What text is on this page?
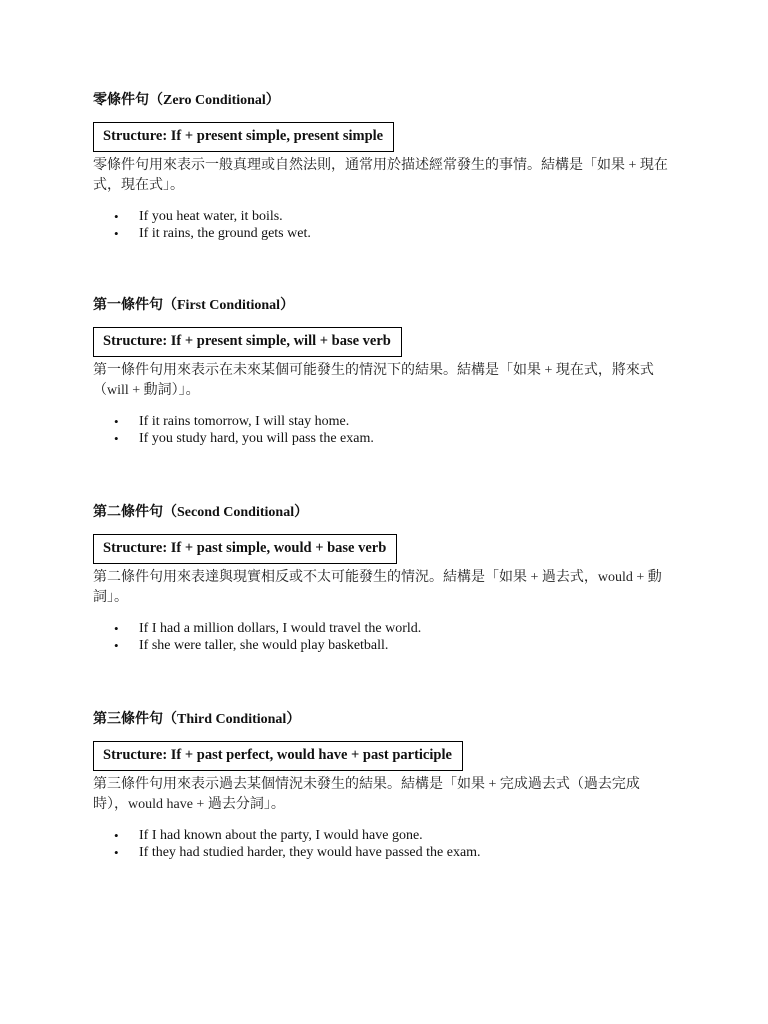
零條件句（Zero Conditional）

Structure: If + present simple, present simple

零條件句用來表示一般真理或自然法則，通常用於描述經常發生的事情。結構是「如果 + 現在式，現在式」。

• If you heat water, it boils.
• If it rains, the ground gets wet.

第一條件句（First Conditional）

Structure: If + present simple, will + base verb

第一條件句用來表示在未來某個可能發生的情況下的結果。結構是「如果 + 現在式，將來式（will + 動詞）」。

• If it rains tomorrow, I will stay home.
• If you study hard, you will pass the exam.

第二條件句（Second Conditional）

Structure: If + past simple, would + base verb

第二條件句用來表達與現實相反或不太可能發生的情況。結構是「如果 + 過去式，would + 動詞」。

• If I had a million dollars, I would travel the world.
• If she were taller, she would play basketball.

第三條件句（Third Conditional）

Structure: If + past perfect, would have + past participle

第三條件句用來表示過去某個情況未發生的結果。結構是「如果 + 完成過去式（過去完成時），would have + 過去分詞」。

• If I had known about the party, I would have gone.
• If they had studied harder, they would have passed the exam.
